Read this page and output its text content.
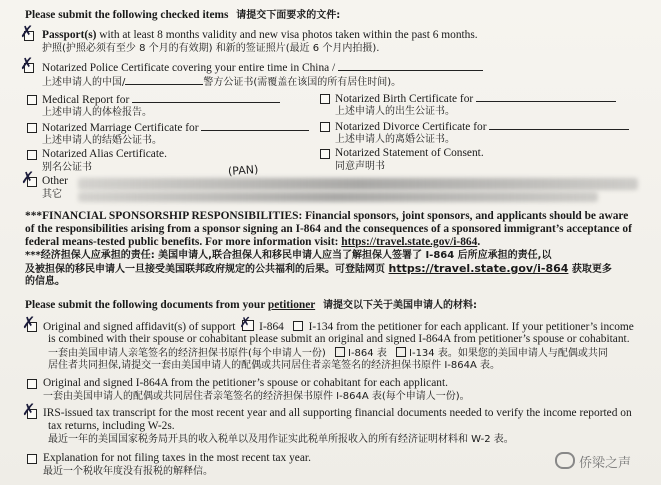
Please submit the following checked items 请提交下面要求的文件:
✗ Passport(s) with at least 8 months validity and new visa photos taken within the past 6 months.
护照(护照必须有至少 8 个月的有效期) 和新的签证照片(最近 6 个月内拍摄).
✗ Notarized Police Certificate covering your entire time in China /
上述申请人的中国/	警方公证书(需覆盖在该国的所有居住时间)。
Medical Report for
上述申请人的体检报告。
Notarized Birth Certificate for
上述申请人的出生公证书。
Notarized Marriage Certificate for
上述申请人的结婚公证书。
Notarized Divorce Certificate for
上述申请人的离婚公证书。
Notarized Alias Certificate.
别名公证书
Notarized Statement of Consent.
同意声明书
✗ Other
其它
(PAN)
***FINANCIAL SPONSORSHIP RESPONSIBILITIES: Financial sponsors, joint sponsors, and applicants should be aware
of the responsibilities arising from a sponsor signing an I-864 and the consequences of a sponsored immigrant’s acceptance of
federal means-tested public benefits. For more information visit: https://travel.state.gov/i-864.
***经济担保人应承担的责任: 美国申请人,联合担保人和移民申请人应当了解担保人签署了 I-864 后所应承担的责任,以
及被担保的移民申请人一旦接受美国联邦政府规定的公共福利的后果。可登陆网页 https://travel.state.gov/i-864 获取更多
的信息。
Please submit the following documents from your petitioner 请提交以下关于美国申请人的材料:
✗ Original and signed affidavit(s) of support ✗ I-864 I-134 from the petitioner for each applicant. If your petitioner’s income
is combined with their spouse or cohabitant please submit an original and signed I-864A from petitioner’s spouse or cohabitant.
一套由美国申请人亲笔签名的经济担保书原件(每个申请人一份) I-864 表 I-134 表。如果您的美国申请人与配偶或共同
居住者共同担保,请提交一套由美国申请人的配偶或共同居住者亲笔签名的经济担保书原件 I-864A 表。
Original and signed I-864A from the petitioner’s spouse or cohabitant for each applicant.
一套由美国申请人的配偶或共同居住者亲笔签名的经济担保书原件 I-864A 表(每个申请人一份)。
✗ IRS-issued tax transcript for the most recent year and all supporting financial documents needed to verify the income reported on
tax returns, including W-2s.
最近一年的美国国家税务局开具的收入税单以及用作证实此税单所报收入的所有经济证明材料和 W-2 表。
Explanation for not filing taxes in the most recent tax year.
最近一个税收年度没有报税的解释信。
侨梁之声
